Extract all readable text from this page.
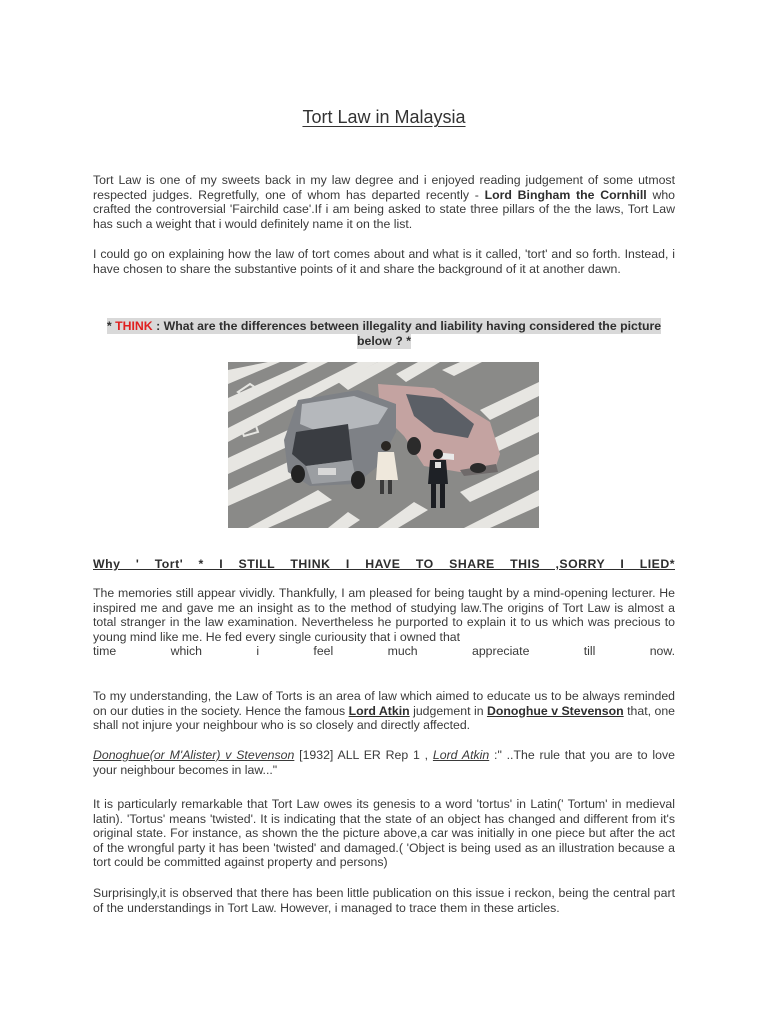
Tort Law in Malaysia

Tort Law is one of my sweets back in my law degree and i enjoyed reading judgement of some utmost respected judges. Regretfully, one of whom has departed recently - Lord Bingham the Cornhill who crafted the controversial 'Fairchild case'.If i am being asked to state three pillars of the the laws, Tort Law has such a weight that i would definitely name it on the list.

I could go on explaining how the law of tort comes about and what is it called, 'tort' and so forth. Instead, i have chosen to share the substantive points of it and share the background of it at another dawn.

* THINK : What are the differences between illegality and liability having considered the picture
below ? *
Why ' Tort' * I STILL THINK I HAVE TO SHARE THIS ,SORRY I LIED*

The memories still appear vividly. Thankfully, I am pleased for being taught by a mind-opening lecturer. He inspired me and gave me an insight as to the method of studying law.The origins of Tort Law is almost a total stranger in the law examination. Nevertheless he purported to explain it to us which was precious to young mind like me. He fed every single curiousity that i owned that

time which i feel much appreciate till now.

To my understanding, the Law of Torts is an area of law which aimed to educate us to be always reminded on our duties in the society. Hence the famous Lord Atkin judgement in Donoghue v Stevenson that, one shall not injure your neighbour who is so closely and directly affected.

Donoghue(or M'Alister) v Stevenson [1932] ALL ER Rep 1 , Lord Atkin :" ..The rule that you are to love your neighbour becomes in law..."

It is particularly remarkable that Tort Law owes its genesis to a word 'tortus' in Latin(' Tortum' in medieval latin). 'Tortus' means 'twisted'. It is indicating that the state of an object has changed and different from it's original state. For instance, as shown the the picture above,a car was initially in one piece but after the act of the wrongful party it has been 'twisted' and damaged.( 'Object is being used as an illustration because a tort could be committed against property and persons)

Surprisingly,it is observed that there has been little publication on this issue i reckon, being the central part of the understandings in Tort Law. However, i managed to trace them in these articles.
